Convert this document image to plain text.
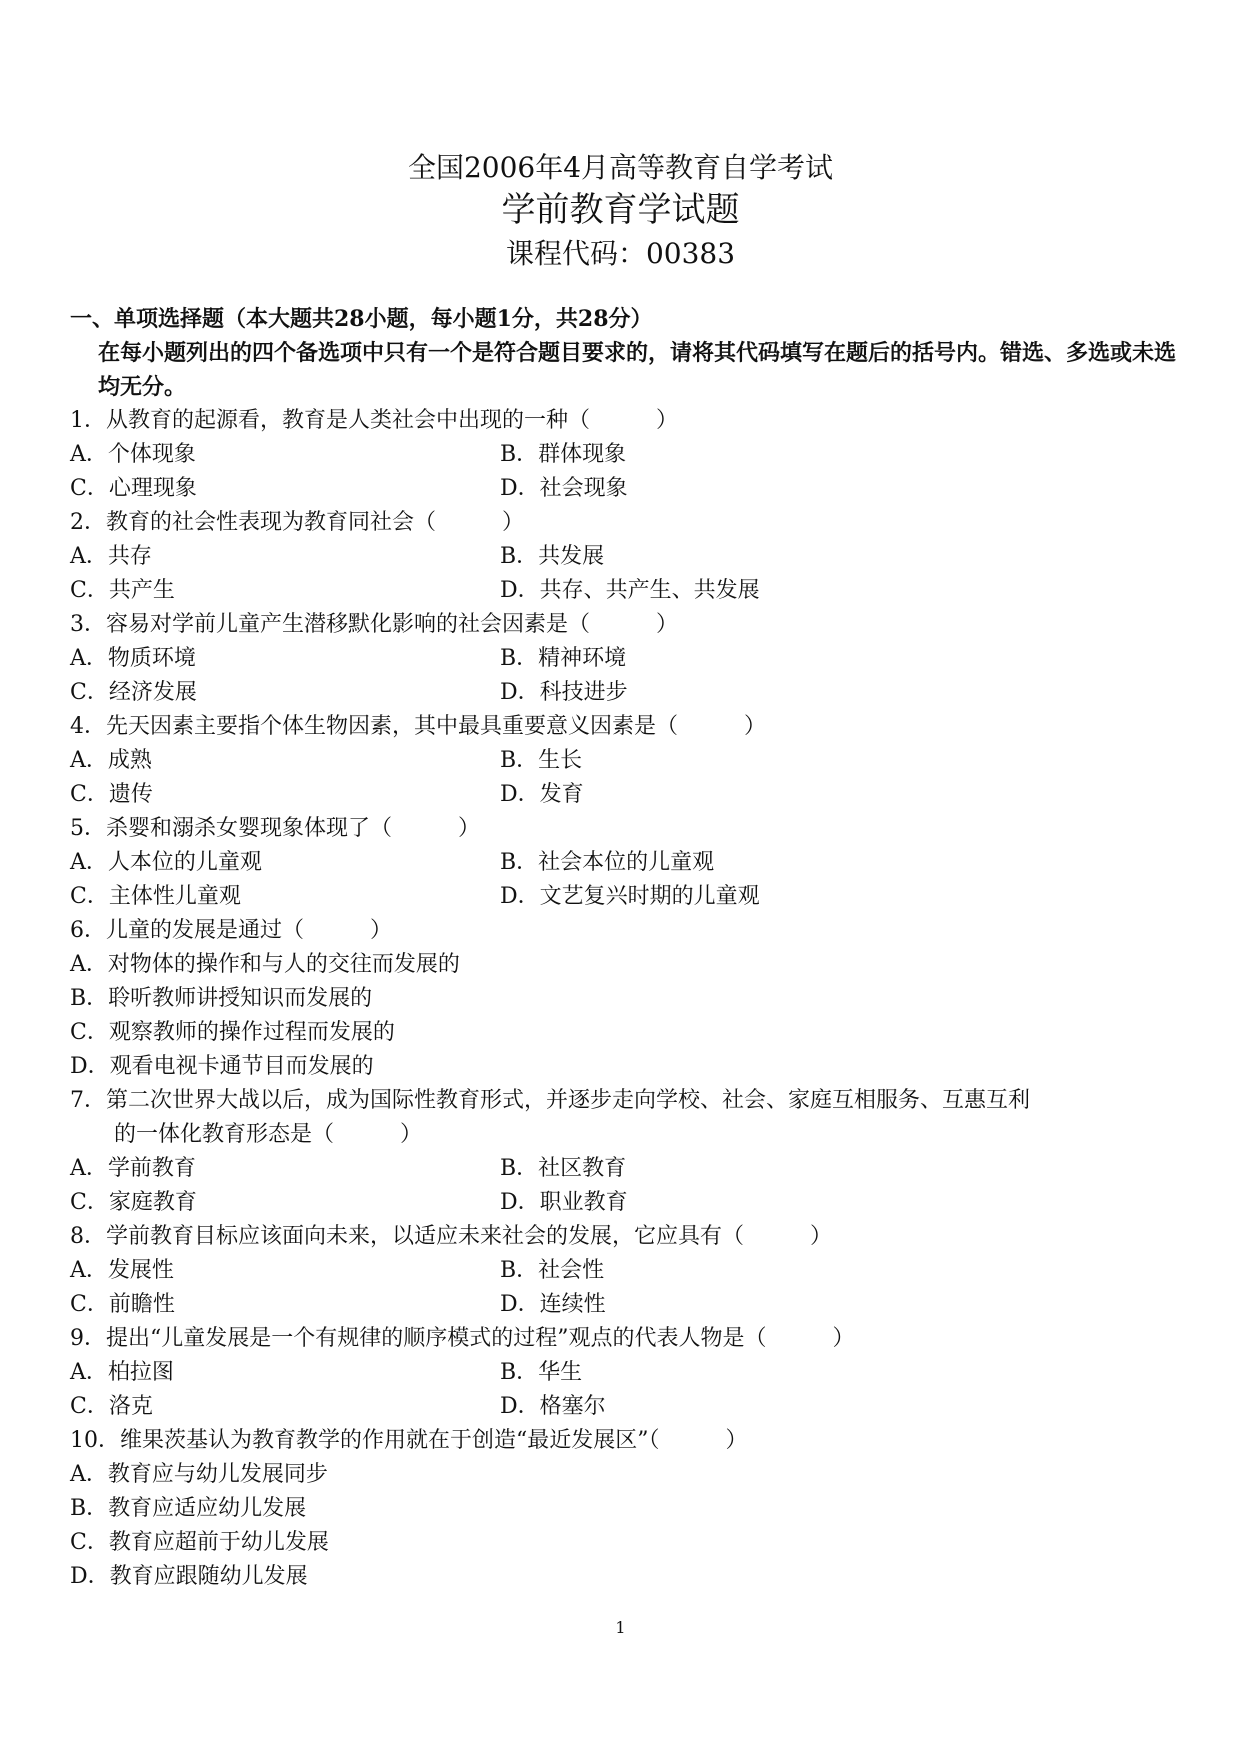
全国2006年4月高等教育自学考试
学前教育学试题
课程代码：00383
一、单项选择题（本大题共28小题，每小题1分，共28分）
在每小题列出的四个备选项中只有一个是符合题目要求的，请将其代码填写在题后的括号内。错选、多选或未选均无分。
1．从教育的起源看，教育是人类社会中出现的一种（　　　）
A．个体现象	B．群体现象
C．心理现象	D．社会现象
2．教育的社会性表现为教育同社会（　　　）
A．共存	B．共发展
C．共产生	D．共存、共产生、共发展
3．容易对学前儿童产生潜移默化影响的社会因素是（　　　）
A．物质环境	B．精神环境
C．经济发展	D．科技进步
4．先天因素主要指个体生物因素，其中最具重要意义因素是（　　　）
A．成熟	B．生长
C．遗传	D．发育
5．杀婴和溺杀女婴现象体现了（　　　）
A．人本位的儿童观	B．社会本位的儿童观
C．主体性儿童观	D．文艺复兴时期的儿童观
6．儿童的发展是通过（　　　）
A．对物体的操作和与人的交往而发展的
B．聆听教师讲授知识而发展的
C．观察教师的操作过程而发展的
D．观看电视卡通节目而发展的
7．第二次世界大战以后，成为国际性教育形式，并逐步走向学校、社会、家庭互相服务、互惠互利
的一体化教育形态是（　　　）
A．学前教育	B．社区教育
C．家庭教育	D．职业教育
8．学前教育目标应该面向未来，以适应未来社会的发展，它应具有（　　　）
A．发展性	B．社会性
C．前瞻性	D．连续性
9．提出“儿童发展是一个有规律的顺序模式的过程”观点的代表人物是（　　　）
A．柏拉图	B．华生
C．洛克	D．格塞尔
10．维果茨基认为教育教学的作用就在于创造“最近发展区”（　　　）
A．教育应与幼儿发展同步
B．教育应适应幼儿发展
C．教育应超前于幼儿发展
D．教育应跟随幼儿发展
1
